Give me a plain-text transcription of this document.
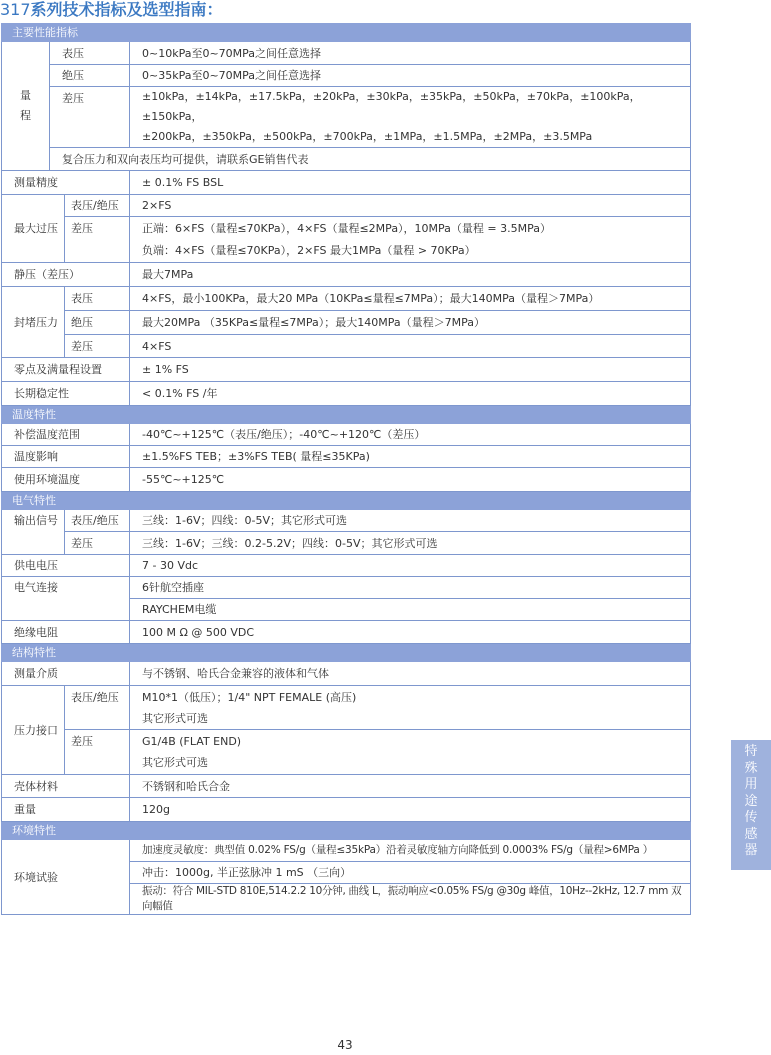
317系列技术指标及选型指南：
主要性能指标			

量
程	表压		0~10kPa至0~70MPa之间任意选择
	绝压		0~35kPa至0~70MPa之间任意选择
	差压		±10kPa，±14kPa，±17.5kPa，±20kPa，±30kPa，±35kPa，±50kPa，±70kPa，±100kPa，±150kPa，
±200kPa，±350kPa，±500kPa，±700kPa，±1MPa，±1.5MPa，±2MPa，±3.5MPa

	复合压力和双向表压均可提供，请联系GE销售代表		
测量精度			± 0.1% FS BSL
最大过压		表压/绝压	2×FS
		差压	正端：6×FS（量程≤70KPa），4×FS（量程≤2MPa），10MPa（量程 = 3.5MPa）
负端：4×FS（量程≤70KPa），2×FS 最大1MPa（量程 > 70KPa）

静压（差压）			最大7MPa
封堵压力		表压	4×FS，最小100KPa，最大20 MPa（10KPa≤量程≤7MPa）；最大140MPa（量程＞7MPa）
		绝压	最大20MPa （35KPa≤量程≤7MPa）；最大140MPa（量程＞7MPa）
		差压	4×FS
零点及满量程设置			± 1% FS
长期稳定性			< 0.1% FS /年
温度特性			
补偿温度范围			-40℃~+125℃（表压/绝压）；-40℃~+120℃（差压）
温度影响			±1.5%FS TEB；±3%FS TEB( 量程≤35KPa)
使用环境温度			-55℃~+125℃
电气特性			
输出信号		表压/绝压	三线：1-6V；四线：0-5V；其它形式可选
		差压	三线：1-6V；三线：0.2-5.2V；四线：0-5V；其它形式可选
供电电压			7 - 30 Vdc
电气连接			6针航空插座
			RAYCHEM电缆
绝缘电阻			100 M Ω @ 500 VDC
结构特性			
测量介质			与不锈钢、哈氏合金兼容的液体和气体
压力接口		表压/绝压	M10*1（低压）；1/4" NPT FEMALE (高压)
其它形式可选

		差压	G1/4B (FLAT END)
其它形式可选

壳体材料			不锈钢和哈氏合金
重量			120g
环境特性			
环境试验			加速度灵敏度：典型值 0.02% FS/g（量程≤35kPa）沿着灵敏度轴方向降低到 0.0003% FS/g（量程>6MPa ）
			冲击：1000g, 半正弦脉冲 1 mS （三向）
			振动：符合 MIL-STD 810E,514.2.2 10分钟, 曲线 L，振动响应<0.05% FS/g @30g 峰值，10Hz--2kHz, 12.7 mm 双向幅值
特
殊
用
途
传
感
器
43
